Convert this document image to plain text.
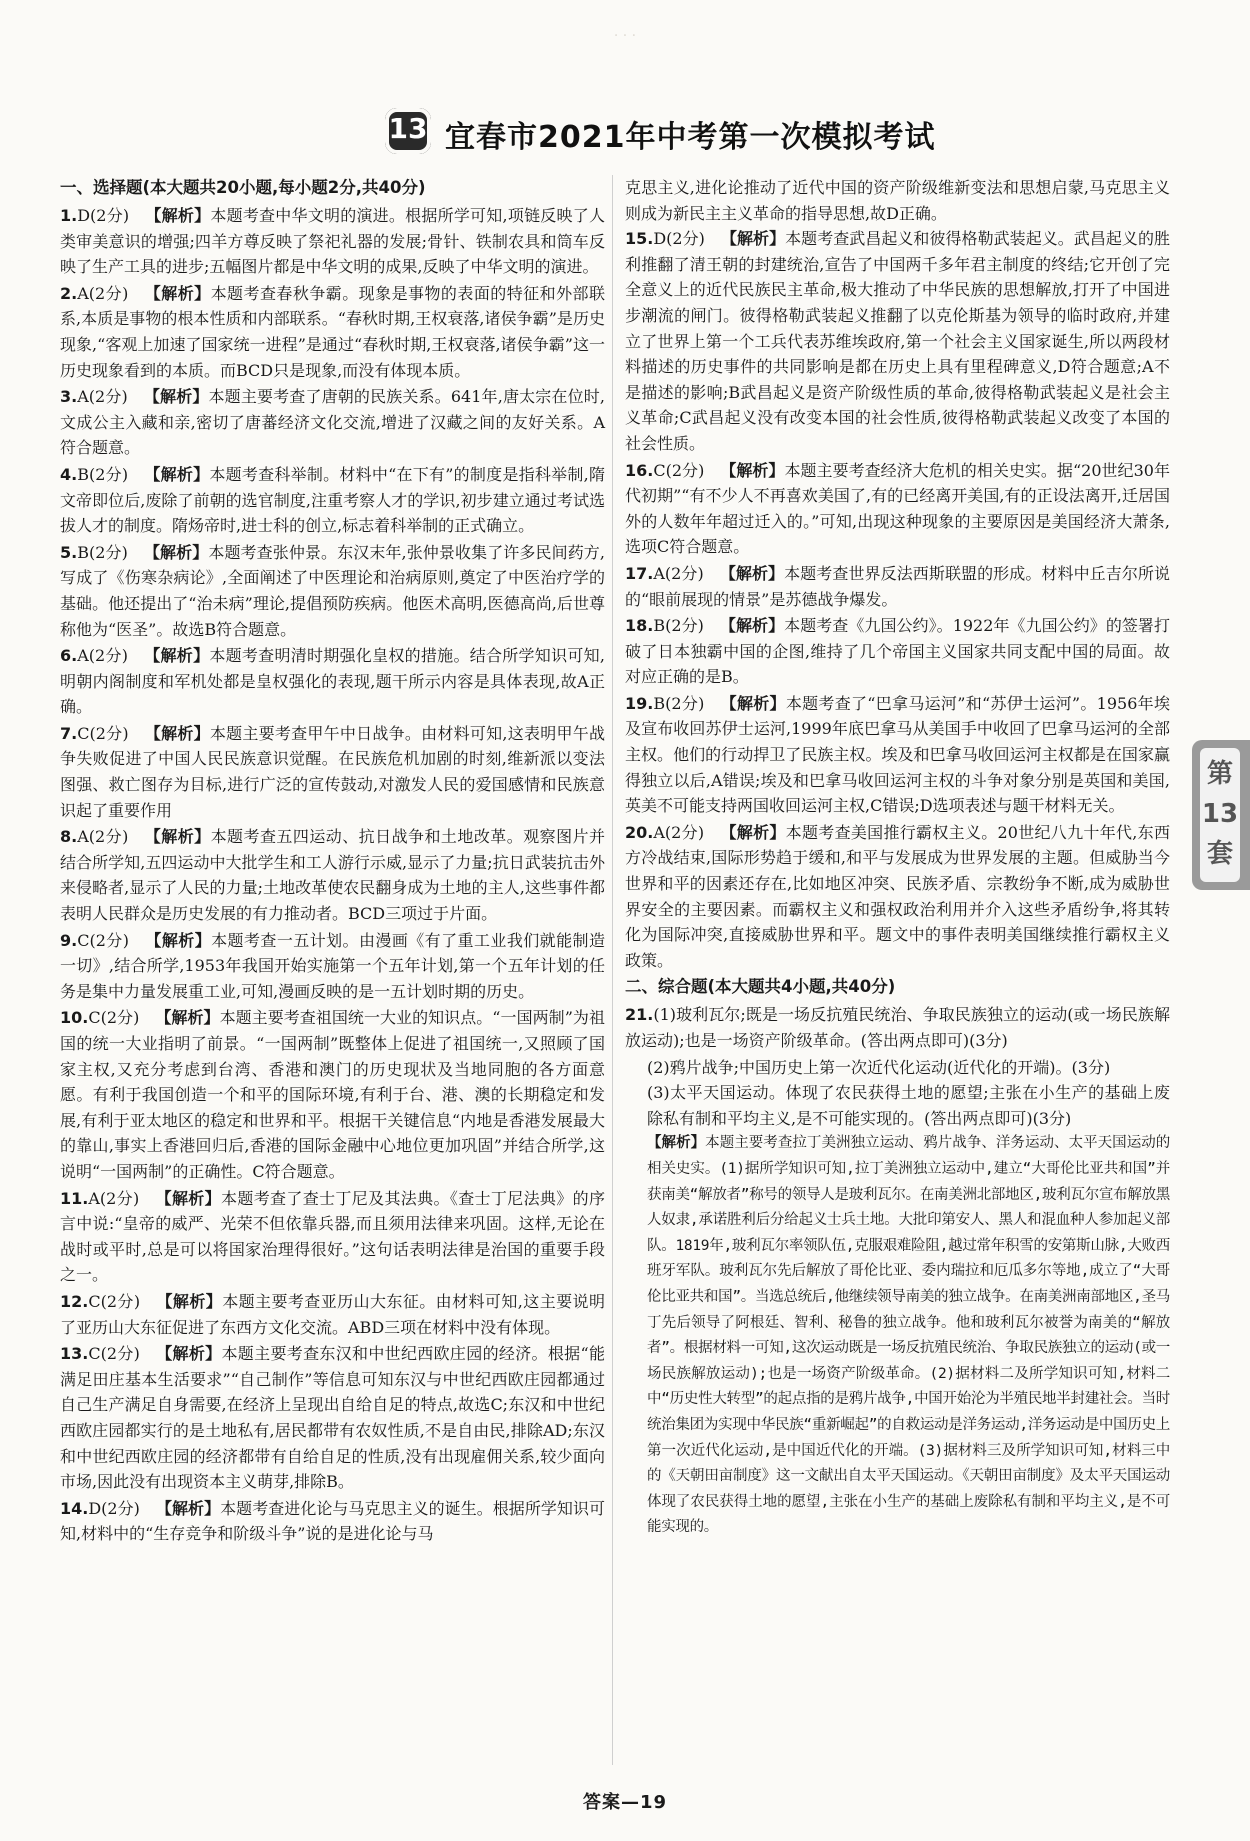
· · ·
13 宜春市2021年中考第一次模拟考试
一、选择题(本大题共20小题,每小题2分,共40分)

1.D(2分)  【解析】本题考查中华文明的演进。根据所学可知,项链反映了人类审美意识的增强;四羊方尊反映了祭祀礼器的发展;骨针、铁制农具和筒车反映了生产工具的进步;五幅图片都是中华文明的成果,反映了中华文明的演进。

2.A(2分)  【解析】本题考查春秋争霸。现象是事物的表面的特征和外部联系,本质是事物的根本性质和内部联系。“春秋时期,王权衰落,诸侯争霸”是历史现象,“客观上加速了国家统一进程”是通过“春秋时期,王权衰落,诸侯争霸”这一历史现象看到的本质。而BCD只是现象,而没有体现本质。

3.A(2分)  【解析】本题主要考查了唐朝的民族关系。641年,唐太宗在位时,文成公主入藏和亲,密切了唐蕃经济文化交流,增进了汉藏之间的友好关系。A符合题意。

4.B(2分)  【解析】本题考查科举制。材料中“在下有”的制度是指科举制,隋文帝即位后,废除了前朝的选官制度,注重考察人才的学识,初步建立通过考试选拔人才的制度。隋炀帝时,进士科的创立,标志着科举制的正式确立。

5.B(2分)  【解析】本题考查张仲景。东汉末年,张仲景收集了许多民间药方,写成了《伤寒杂病论》,全面阐述了中医理论和治病原则,奠定了中医治疗学的基础。他还提出了“治未病”理论,提倡预防疾病。他医术高明,医德高尚,后世尊称他为“医圣”。故选B符合题意。

6.A(2分)  【解析】本题考查明清时期强化皇权的措施。结合所学知识可知,明朝内阁制度和军机处都是皇权强化的表现,题干所示内容是具体表现,故A正确。

7.C(2分)  【解析】本题主要考查甲午中日战争。由材料可知,这表明甲午战争失败促进了中国人民民族意识觉醒。在民族危机加剧的时刻,维新派以变法图强、救亡图存为目标,进行广泛的宣传鼓动,对激发人民的爱国感情和民族意识起了重要作用

8.A(2分)  【解析】本题考查五四运动、抗日战争和土地改革。观察图片并结合所学知,五四运动中大批学生和工人游行示威,显示了力量;抗日武装抗击外来侵略者,显示了人民的力量;土地改革使农民翻身成为土地的主人,这些事件都表明人民群众是历史发展的有力推动者。BCD三项过于片面。

9.C(2分)  【解析】本题考查一五计划。由漫画《有了重工业我们就能制造一切》,结合所学,1953年我国开始实施第一个五年计划,第一个五年计划的任务是集中力量发展重工业,可知,漫画反映的是一五计划时期的历史。

10.C(2分)  【解析】本题主要考查祖国统一大业的知识点。“一国两制”为祖国的统一大业指明了前景。“一国两制”既整体上促进了祖国统一,又照顾了国家主权,又充分考虑到台湾、香港和澳门的历史现状及当地同胞的各方面意愿。有利于我国创造一个和平的国际环境,有利于台、港、澳的长期稳定和发展,有利于亚太地区的稳定和世界和平。根据干关键信息“内地是香港发展最大的靠山,事实上香港回归后,香港的国际金融中心地位更加巩固”并结合所学,这说明“一国两制”的正确性。C符合题意。

11.A(2分)  【解析】本题考查了查士丁尼及其法典。《查士丁尼法典》的序言中说:“皇帝的威严、光荣不但依靠兵器,而且须用法律来巩固。这样,无论在战时或平时,总是可以将国家治理得很好。”这句话表明法律是治国的重要手段之一。

12.C(2分)  【解析】本题主要考查亚历山大东征。由材料可知,这主要说明了亚历山大东征促进了东西方文化交流。ABD三项在材料中没有体现。

13.C(2分)  【解析】本题主要考查东汉和中世纪西欧庄园的经济。根据“能满足田庄基本生活要求”“自己制作”等信息可知东汉与中世纪西欧庄园都通过自己生产满足自身需要,在经济上呈现出自给自足的特点,故选C;东汉和中世纪西欧庄园都实行的是土地私有,居民都带有农奴性质,不是自由民,排除AD;东汉和中世纪西欧庄园的经济都带有自给自足的性质,没有出现雇佣关系,较少面向市场,因此没有出现资本主义萌芽,排除B。

14.D(2分)  【解析】本题考查进化论与马克思主义的诞生。根据所学知识可知,材料中的“生存竞争和阶级斗争”说的是进化论与马

克思主义,进化论推动了近代中国的资产阶级维新变法和思想启蒙,马克思主义则成为新民主主义革命的指导思想,故D正确。

15.D(2分)  【解析】本题考查武昌起义和彼得格勒武装起义。武昌起义的胜利推翻了清王朝的封建统治,宣告了中国两千多年君主制度的终结;它开创了完全意义上的近代民族民主革命,极大推动了中华民族的思想解放,打开了中国进步潮流的闸门。彼得格勒武装起义推翻了以克伦斯基为领导的临时政府,并建立了世界上第一个工兵代表苏维埃政府,第一个社会主义国家诞生,所以两段材料描述的历史事件的共同影响是都在历史上具有里程碑意义,D符合题意;A不是描述的影响;B武昌起义是资产阶级性质的革命,彼得格勒武装起义是社会主义革命;C武昌起义没有改变本国的社会性质,彼得格勒武装起义改变了本国的社会性质。

16.C(2分)  【解析】本题主要考查经济大危机的相关史实。据“20世纪30年代初期”“有不少人不再喜欢美国了,有的已经离开美国,有的正设法离开,迁居国外的人数年年超过迁入的。”可知,出现这种现象的主要原因是美国经济大萧条,选项C符合题意。

17.A(2分)  【解析】本题考查世界反法西斯联盟的形成。材料中丘吉尔所说的“眼前展现的情景”是苏德战争爆发。

18.B(2分)  【解析】本题考查《九国公约》。1922年《九国公约》的签署打破了日本独霸中国的企图,维持了几个帝国主义国家共同支配中国的局面。故对应正确的是B。

19.B(2分)  【解析】本题考查了“巴拿马运河”和“苏伊士运河”。1956年埃及宣布收回苏伊士运河,1999年底巴拿马从美国手中收回了巴拿马运河的全部主权。他们的行动捍卫了民族主权。埃及和巴拿马收回运河主权都是在国家赢得独立以后,A错误;埃及和巴拿马收回运河主权的斗争对象分别是英国和美国,英美不可能支持两国收回运河主权,C错误;D选项表述与题干材料无关。

20.A(2分)  【解析】本题考查美国推行霸权主义。20世纪八九十年代,东西方冷战结束,国际形势趋于缓和,和平与发展成为世界发展的主题。但威胁当今世界和平的因素还存在,比如地区冲突、民族矛盾、宗教纷争不断,成为威胁世界安全的主要因素。而霸权主义和强权政治利用并介入这些矛盾纷争,将其转化为国际冲突,直接威胁世界和平。题文中的事件表明美国继续推行霸权主义政策。

二、综合题(本大题共4小题,共40分)

21.(1)玻利瓦尔;既是一场反抗殖民统治、争取民族独立的运动(或一场民族解放运动);也是一场资产阶级革命。(答出两点即可)(3分)

(2)鸦片战争;中国历史上第一次近代化运动(近代化的开端)。(3分)

(3)太平天国运动。体现了农民获得土地的愿望;主张在小生产的基础上废除私有制和平均主义,是不可能实现的。(答出两点即可)(3分)

【解析】本题主要考查拉丁美洲独立运动、鸦片战争、洋务运动、太平天国运动的相关史实。(1)据所学知识可知,拉丁美洲独立运动中,建立“大哥伦比亚共和国”并获南美“解放者”称号的领导人是玻利瓦尔。在南美洲北部地区,玻利瓦尔宣布解放黑人奴隶,承诺胜利后分给起义士兵土地。大批印第安人、黑人和混血种人参加起义部队。1819年,玻利瓦尔率领队伍,克服艰难险阻,越过常年积雪的安第斯山脉,大败西班牙军队。玻利瓦尔先后解放了哥伦比亚、委内瑞拉和厄瓜多尔等地,成立了“大哥伦比亚共和国”。当选总统后,他继续领导南美的独立战争。在南美洲南部地区,圣马丁先后领导了阿根廷、智利、秘鲁的独立战争。他和玻利瓦尔被誉为南美的“解放者”。根据材料一可知,这次运动既是一场反抗殖民统治、争取民族独立的运动(或一场民族解放运动);也是一场资产阶级革命。(2)据材料二及所学知识可知,材料二中“历史性大转型”的起点指的是鸦片战争,中国开始沦为半殖民地半封建社会。当时统治集团为实现中华民族“重新崛起”的自救运动是洋务运动,洋务运动是中国历史上第一次近代化运动,是中国近代化的开端。(3)据材料三及所学知识可知,材料三中的《天朝田亩制度》这一文献出自太平天国运动。《天朝田亩制度》及太平天国运动体现了农民获得土地的愿望,主张在小生产的基础上废除私有制和平均主义,是不可能实现的。

第
13
套
答案—19
